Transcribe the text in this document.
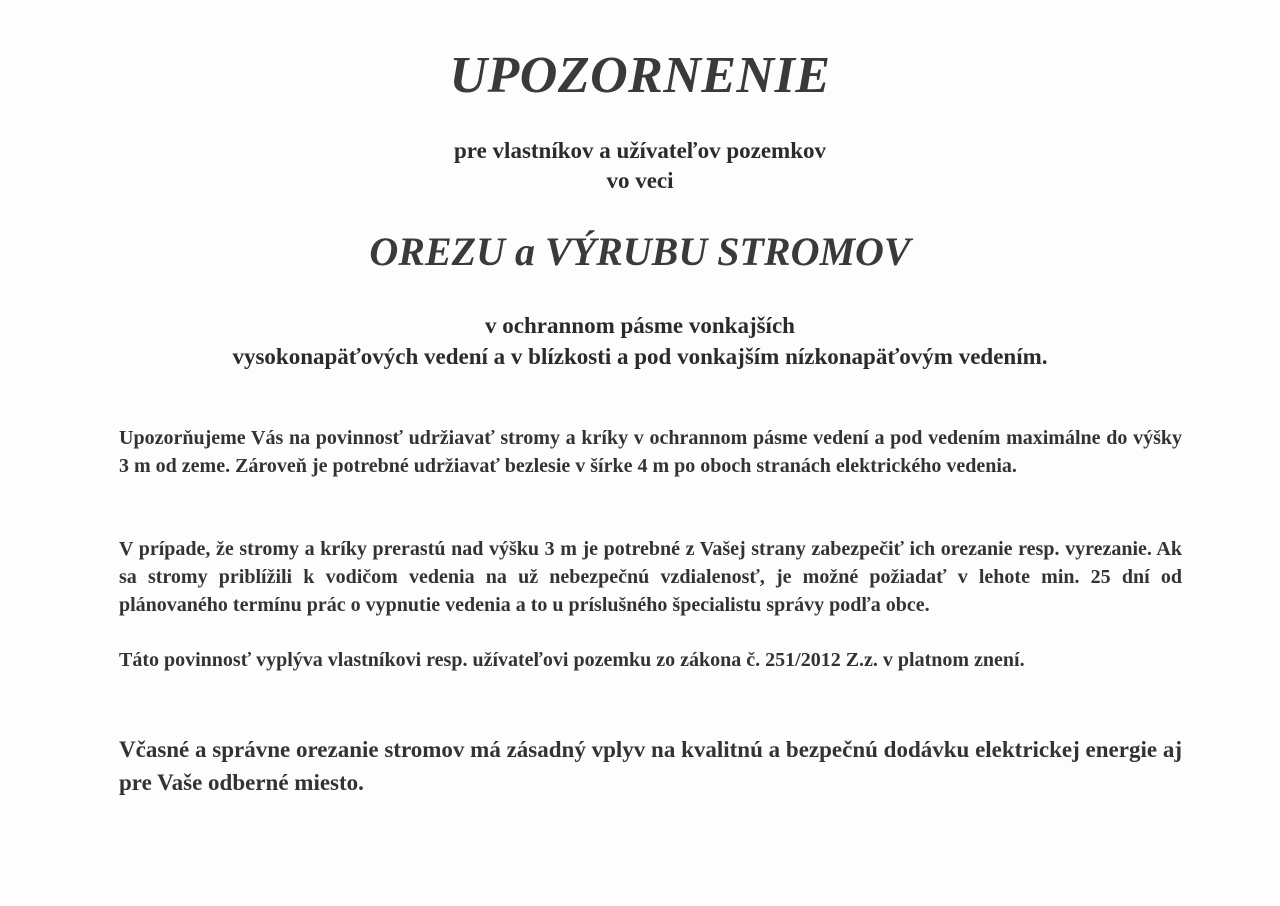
UPOZORNENIE
pre vlastníkov a užívateľov pozemkov
vo veci
OREZU a VÝRUBU STROMOV
v ochrannom pásme vonkajších
vysokonapäťových vedení a v blízkosti a pod vonkajším nízkonapäťovým vedením.
Upozorňujeme Vás na povinnosť udržiavať stromy a kríky v ochrannom pásme vedení a pod vedením maximálne do výšky 3 m od zeme. Zároveň je potrebné udržiavať bezlesie v šírke 4 m po oboch stranách elektrického vedenia.
V prípade, že stromy a kríky prerastú nad výšku 3 m je potrebné z Vašej strany zabezpečiť ich orezanie resp. vyrezanie. Ak sa stromy priblížili k vodičom vedenia na už nebezpečnú vzdialenosť, je možné požiadať v lehote min. 25 dní od plánovaného termínu prác o vypnutie vedenia a to u príslušného špecialistu správy podľa obce.
Táto povinnosť vyplýva vlastníkovi resp. užívateľovi pozemku zo zákona č. 251/2012 Z.z. v platnom znení.
Včasné a správne orezanie stromov má zásadný vplyv na kvalitnú a bezpečnú dodávku elektrickej energie aj pre Vaše odberné miesto.
